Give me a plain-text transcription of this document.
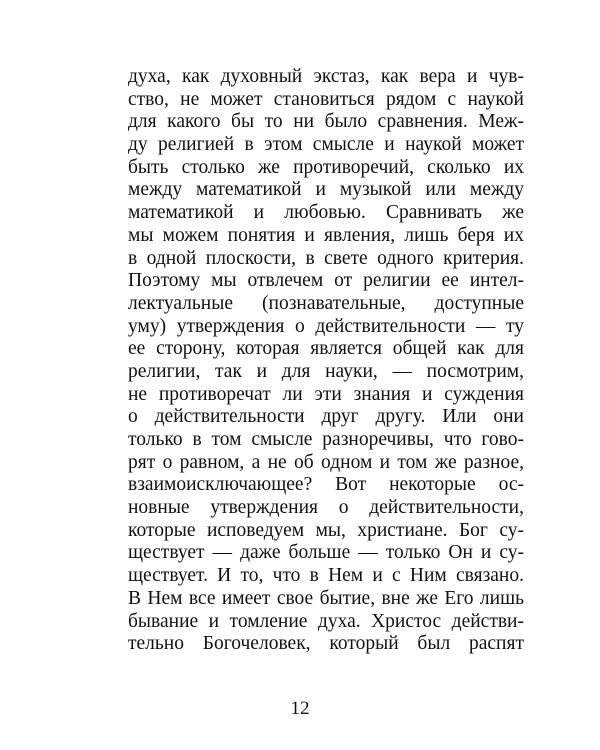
духа, как духовный экстаз, как вера и чув-
ство, не может становиться рядом с наукой
для какого бы то ни было сравнения. Меж-
ду религией в этом смысле и наукой может
быть столько же противоречий, сколько их
между математикой и музыкой или между
математикой и любовью. Сравнивать же
мы можем понятия и явления, лишь беря их
в одной плоскости, в свете одного критерия.
Поэтому мы отвлечем от религии ее интел-
лектуальные (познавательные, доступные
уму) утверждения о действительности — ту
ее сторону, которая является общей как для
религии, так и для науки, — посмотрим,
не противоречат ли эти знания и суждения
о действительности друг другу. Или они
только в том смысле разноречивы, что гово-
рят о равном, а не об одном и том же разное,
взаимоисключающее? Вот некоторые ос-
новные утверждения о действительности,
которые исповедуем мы, христиане. Бог су-
ществует — даже больше — только Он и су-
ществует. И то, что в Нем и с Ним связано.
В Нем все имеет свое бытие, вне же Его лишь
бывание и томление духа. Христос действи-
тельно Богочеловек, который был распят
12
